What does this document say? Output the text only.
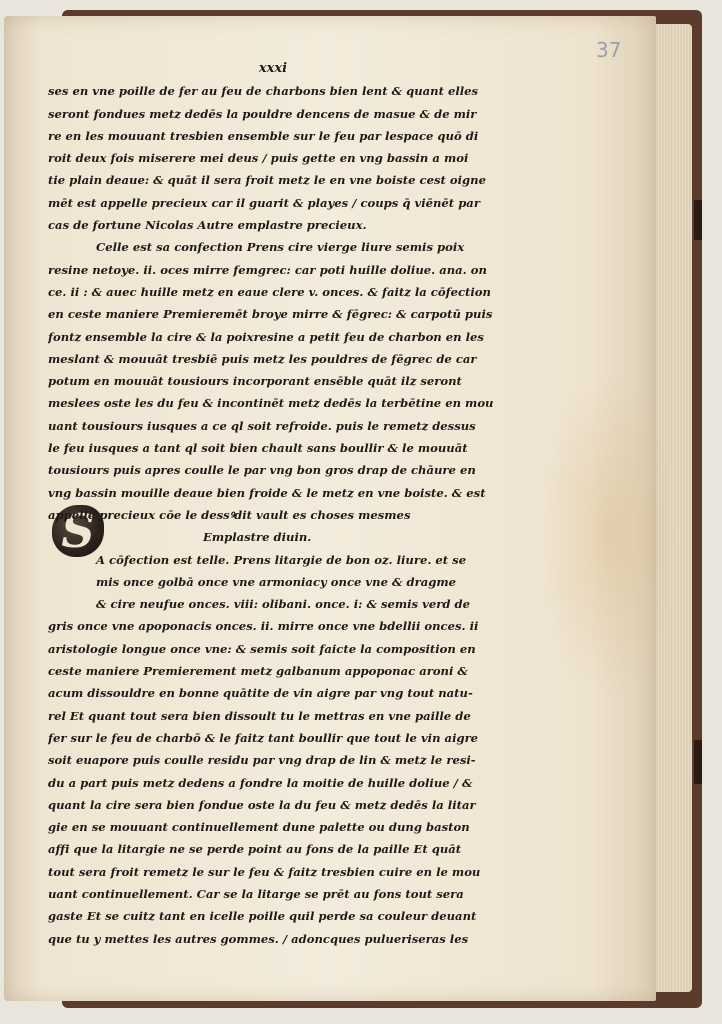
37
S
xxxi
ses en vne poille de fer au feu de charbons bien lent & quant elles
seront fondues metz dedēs la pouldre dencens de masue & de mir
re en les mouuant tresbien ensemble sur le feu par lespace quō di
roit deux fois miserere mei deus / puis gette en vng bassin a moi
tie plain deaue: & quāt il sera froit metz le en vne boiste cest oigne
mēt est appelle precieux car il guarit & playes / coups q̄ viēnēt par
cas de fortune Nicolas Autre emplastre precieux.
Celle est sa confection Prens cire vierge liure semis poix
resine netoye. ii. oces mirre femgrec: car poti huille doliue. ana. on
ce. ii : & auec huille metz en eaue clere v. onces. & faitz la cōfection
en ceste maniere Premieremēt broye mirre & fēgrec: & carpotū puis
fontz ensemble la cire & la poixresine a petit feu de charbon en les
meslant & mouuāt tresbiē puis metz les pouldres de fēgrec de car
potum en mouuāt tousiours incorporant ensēble quāt ilz seront
meslees oste les du feu & incontinēt metz dedēs la terbētine en mou
uant tousiours iusques a ce ql soit refroide. puis le remetz dessus
le feu iusques a tant ql soit bien chault sans boullir & le mouuāt
tousiours puis apres coulle le par vng bon gros drap de chāure en
vng bassin mouille deaue bien froide & le metz en vne boiste. & est
appelle precieux cōe le dessꝰdit vault es choses mesmes
Emplastre diuin.
A cōfection est telle. Prens litargie de bon oz. liure. et se
mis once golbā once vne armoniacy once vne & dragme
& cire neufue onces. viii: olibani. once. i: & semis verd de
gris once vne apoponacis onces. ii. mirre once vne bdellii onces. ii
aristologie longue once vne: & semis soit faicte la composition en
ceste maniere Premierement metz galbanum appoponac aroni &
acum dissouldre en bonne quātite de vin aigre par vng tout natu-
rel Et quant tout sera bien dissoult tu le mettras en vne paille de
fer sur le feu de charbō & le faitz tant boullir que tout le vin aigre
soit euapore puis coulle residu par vng drap de lin & metz le resi-
du a part puis metz dedens a fondre la moitie de huille doliue / &
quant la cire sera bien fondue oste la du feu & metz dedēs la litar
gie en se mouuant continuellement dune palette ou dung baston
affi que la litargie ne se perde point au fons de la paille Et quāt
tout sera froit remetz le sur le feu & faitz tresbien cuire en le mou
uant continuellement. Car se la litarge se prēt au fons tout sera
gaste Et se cuitz tant en icelle poille quil perde sa couleur deuant
que tu y mettes les autres gommes. / adoncques pulueriseras les
